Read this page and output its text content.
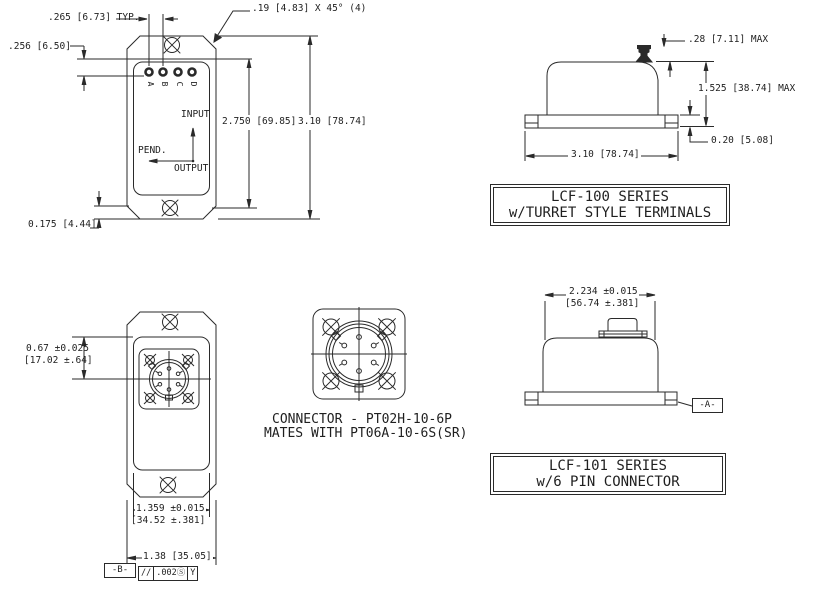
.19 [4.83] X 45° (4)
.265 [6.73] TYP.
.256 [6.50]
2.750 [69.85] 3.10 [78.74]
0.175 [4.44]
INPUT
PEND.
OUTPUT
A B C D
.28 [7.11] MAX
1.525 [38.74] MAX
0.20 [5.08]
3.10 [78.74]
LCF-100 SERIES
w/TURRET STYLE TERMINALS
0.67 ±0.025
[17.02 ±.64]
1.359 ±0.015
[34.52 ±.381]
1.38 [35.05]
-B-	// .002Ⓢ Y
CONNECTOR - PT02H-10-6P
MATES WITH PT06A-10-6S(SR)
2.234 ±0.015
[56.74 ±.381]
-A-
LCF-101 SERIES
w/6 PIN CONNECTOR
